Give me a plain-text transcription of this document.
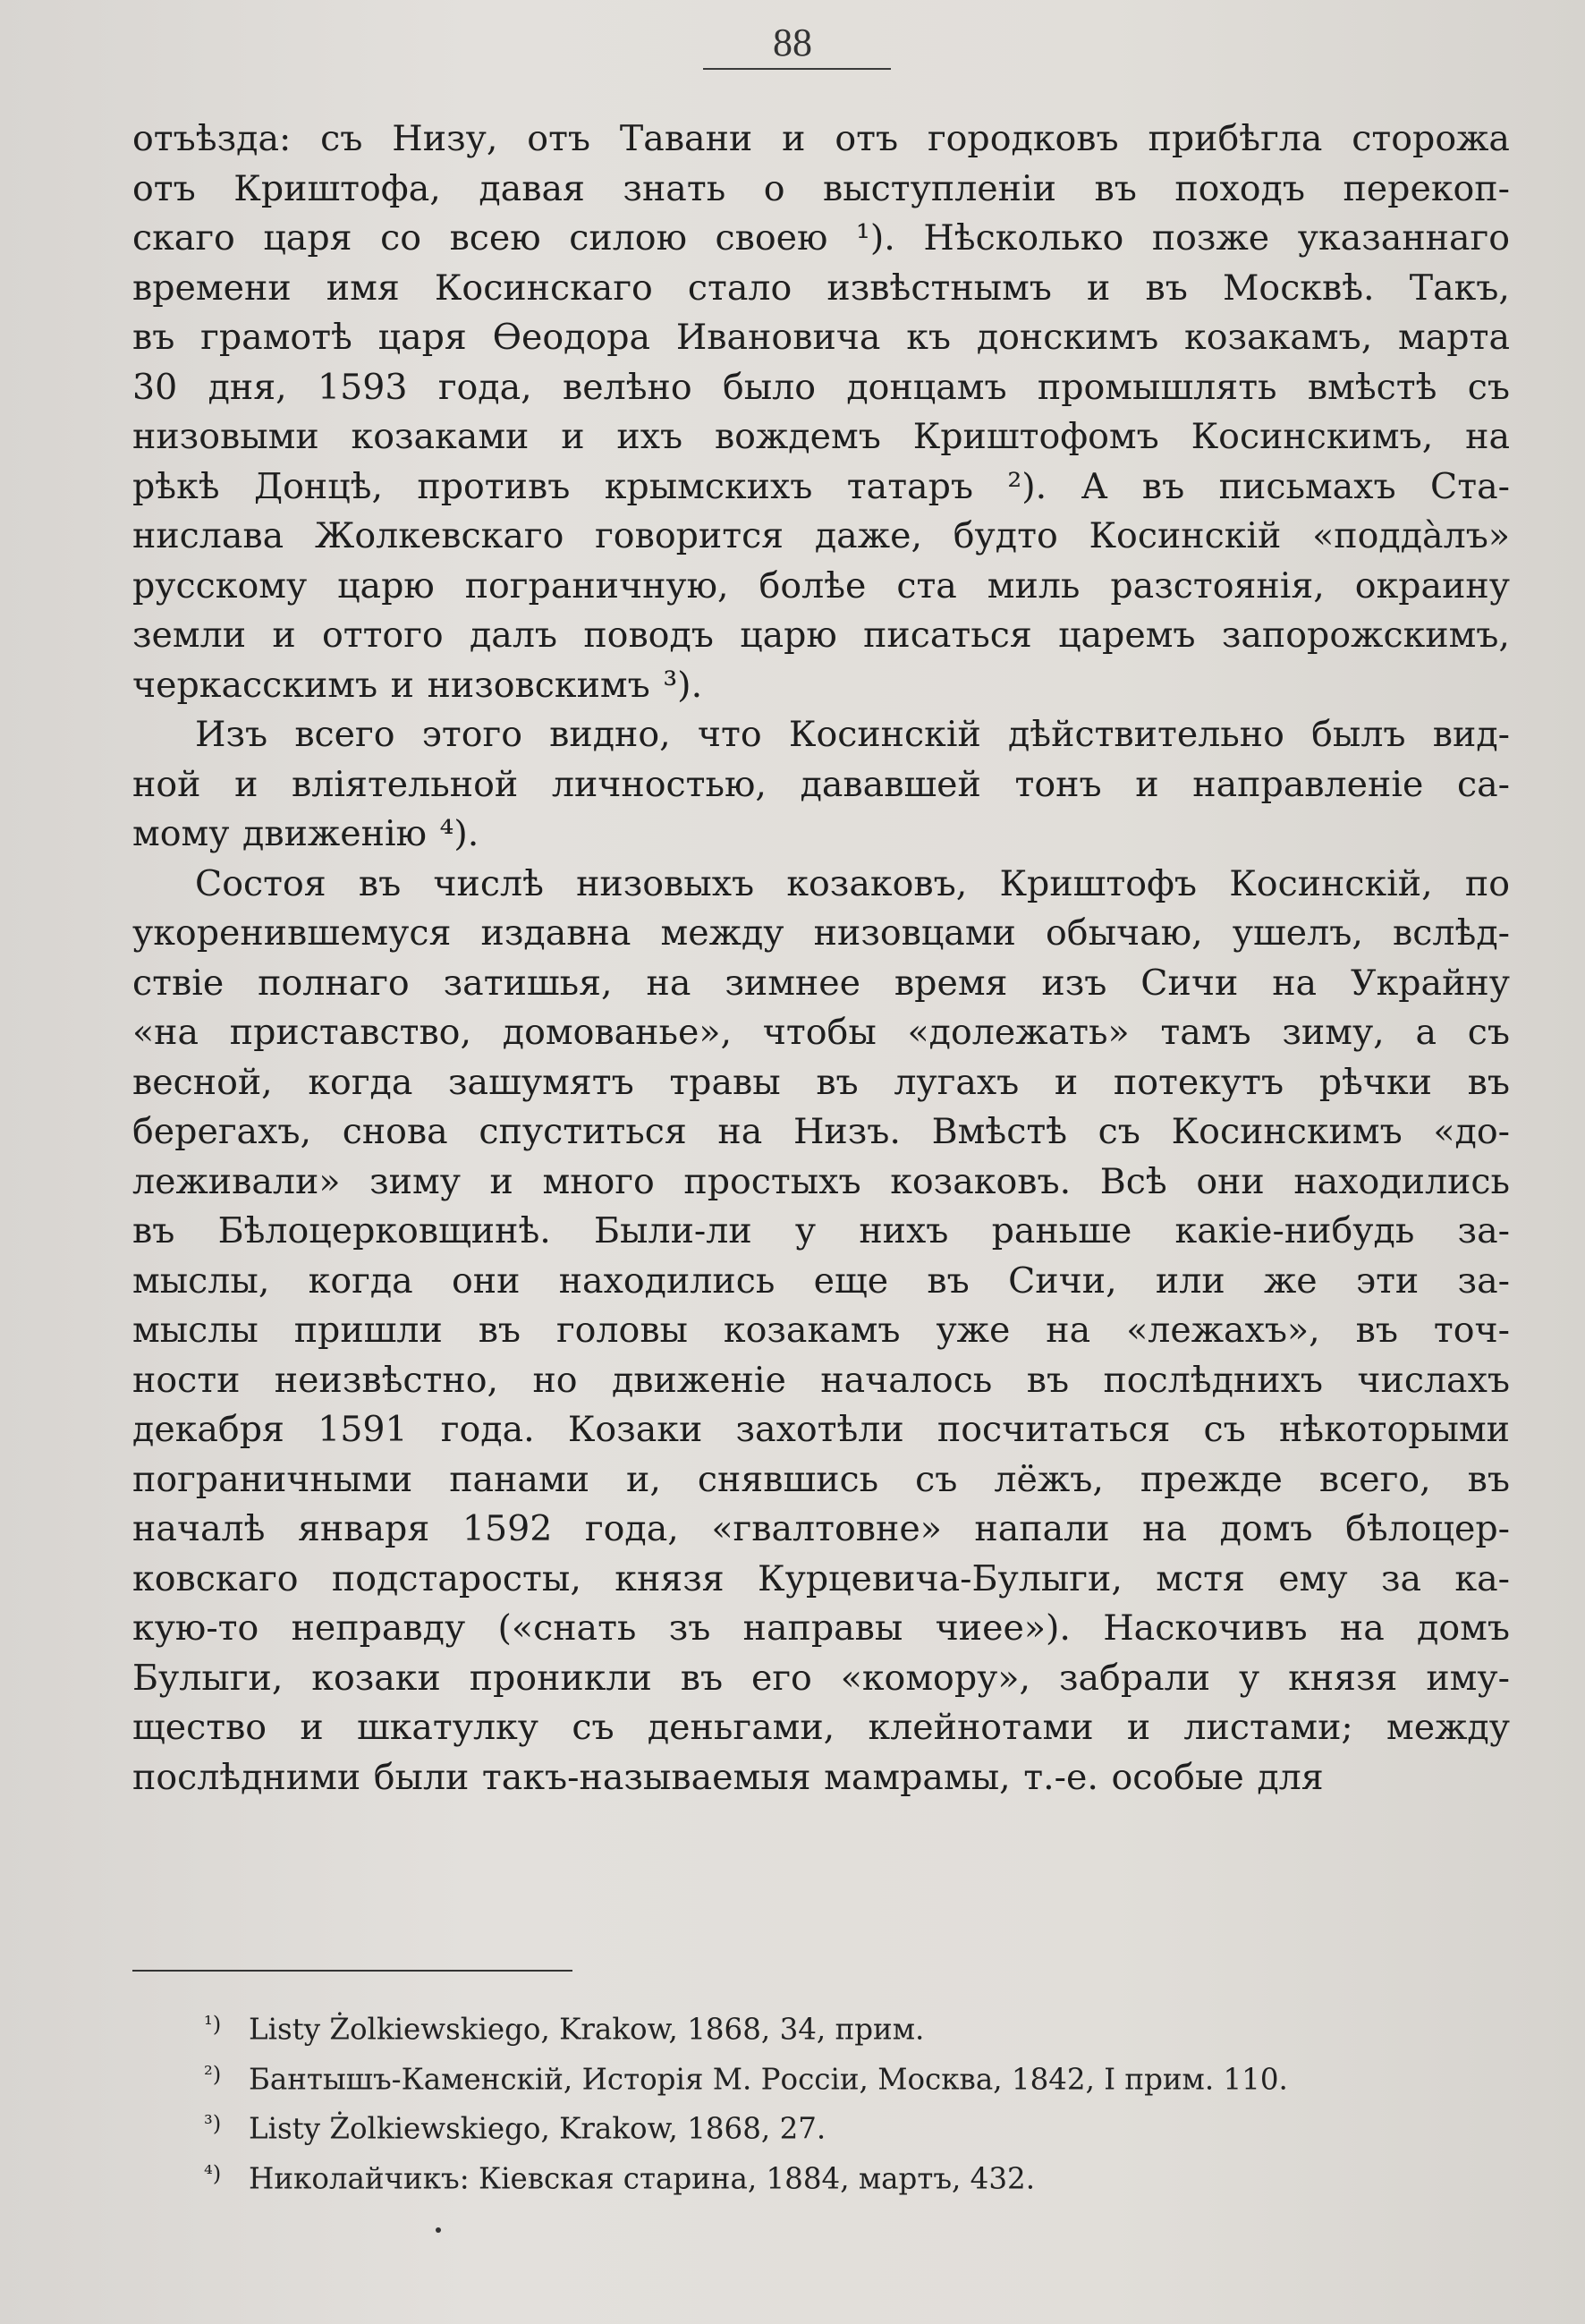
88
отъѣзда: съ Низу, отъ Тавани и отъ городковъ прибѣгла сторожа
отъ Криштофа, давая знать о выступленіи въ походъ перекоп-
скаго царя со всею силою своею ¹). Нѣсколько позже указаннаго
времени имя Косинскаго стало извѣстнымъ и въ Москвѣ. Такъ,
въ грамотѣ царя Ѳеодора Ивановича къ донскимъ козакамъ, марта
30 дня, 1593 года, велѣно было донцамъ промышлять вмѣстѣ съ
низовыми козаками и ихъ вождемъ Криштофомъ Косинскимъ, на
рѣкѣ Донцѣ, противъ крымскихъ татаръ ²). А въ письмахъ Ста-
нислава Жолкевскаго говорится даже, будто Косинскій «поддàлъ»
русскому царю пограничную, болѣе ста миль разстоянія, окраину
земли и оттого далъ поводъ царю писаться царемъ запорожскимъ,
черкасскимъ и низовскимъ ³).
Изъ всего этого видно, что Косинскій дѣйствительно былъ вид-
ной и вліятельной личностью, дававшей тонъ и направленіе са-
мому движенію ⁴).
Состоя въ числѣ низовыхъ козаковъ, Криштофъ Косинскій, по
укоренившемуся издавна между низовцами обычаю, ушелъ, вслѣд-
ствіе полнаго затишья, на зимнее время изъ Сичи на Украйну
«на приставство, домованье», чтобы «долежать» тамъ зиму, а съ
весной, когда зашумятъ травы въ лугахъ и потекутъ рѣчки въ
берегахъ, снова спуститься на Низъ. Вмѣстѣ съ Косинскимъ «до-
леживали» зиму и много простыхъ козаковъ. Всѣ они находились
въ Бѣлоцерковщинѣ. Были-ли у нихъ раньше какіе-нибудь за-
мыслы, когда они находились еще въ Сичи, или же эти за-
мыслы пришли въ головы козакамъ уже на «лежахъ», въ точ-
ности неизвѣстно, но движеніе началось въ послѣднихъ числахъ
декабря 1591 года. Козаки захотѣли посчитаться съ нѣкоторыми
пограничными панами и, снявшись съ лёжъ, прежде всего, въ
началѣ января 1592 года, «гвалтовне» напали на домъ бѣлоцер-
ковскаго подстаросты, князя Курцевича-Булыги, мстя ему за ка-
кую-то неправду («снать зъ направы чиее»). Наскочивъ на домъ
Булыги, козаки проникли въ его «комору», забрали у князя иму-
щество и шкатулку съ деньгами, клейнотами и листами; между
послѣдними были такъ-называемыя мамрамы, т.-е. особые для
¹) Listy Żolkiewskiego, Krakow, 1868, 34, прим.
²) Бантышъ-Каменскій, Исторія М. Россіи, Москва, 1842, I прим. 110.
³) Listy Żolkiewskiego, Krakow, 1868, 27.
⁴) Николайчикъ: Кіевская старина, 1884, мартъ, 432.
